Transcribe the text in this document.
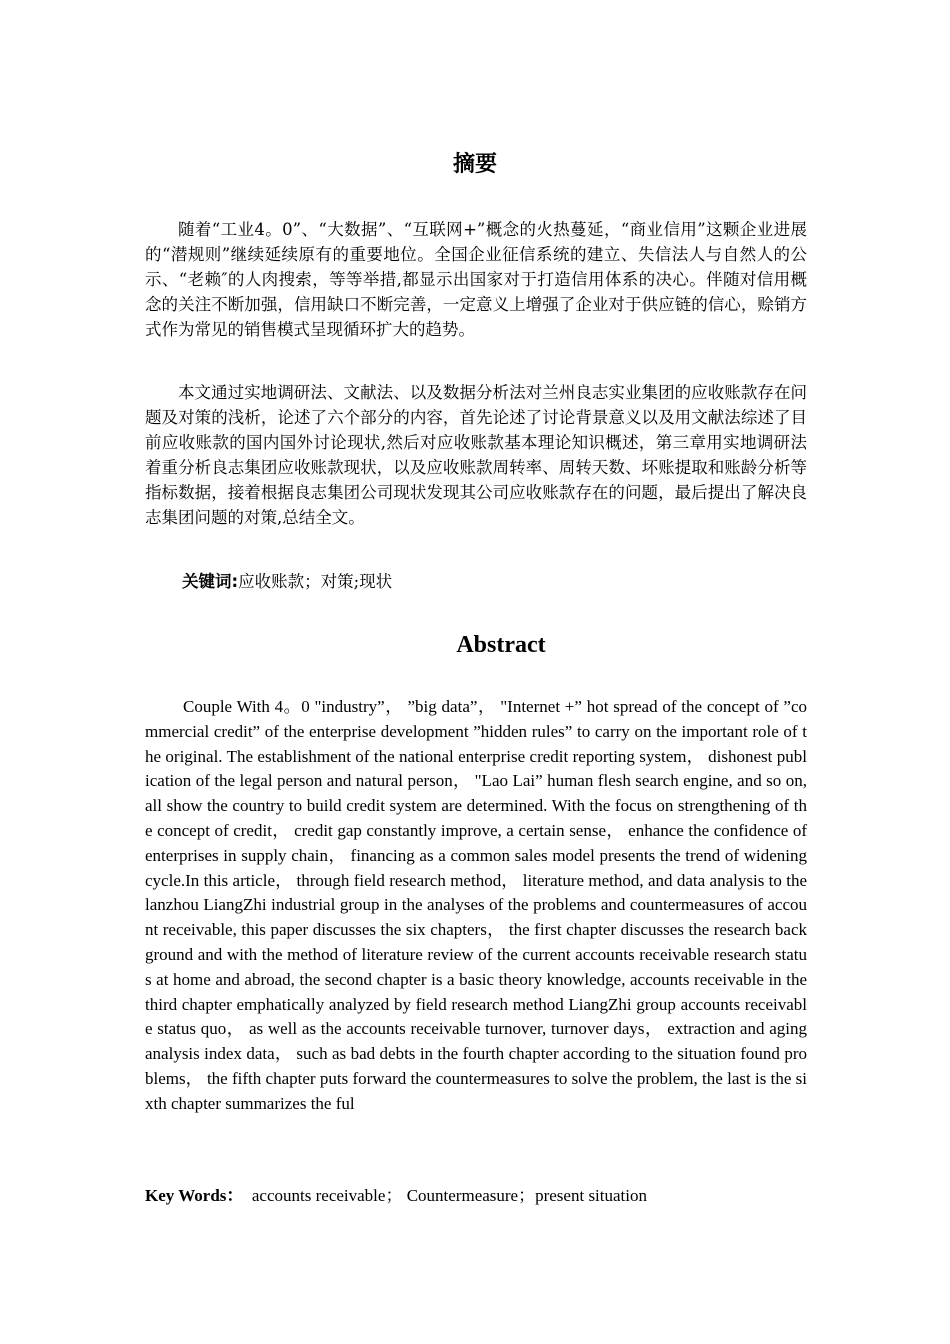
摘要

随着“工业4。0”、“大数据”、“互联网+”概念的火热蔓延，“商业信用”这颗企业进展的“潜规则”继续延续原有的重要地位。全国企业征信系统的建立、失信法人与自然人的公示、“老赖″的人肉搜索，等等举措,都显示出国家对于打造信用体系的决心。伴随对信用概念的关注不断加强，信用缺口不断完善，一定意义上增强了企业对于供应链的信心，赊销方式作为常见的销售模式呈现循环扩大的趋势。

本文通过实地调研法、文献法、以及数据分析法对兰州良志实业集团的应收账款存在问题及对策的浅析，论述了六个部分的内容，首先论述了讨论背景意义以及用文献法综述了目前应收账款的国内国外讨论现状,然后对应收账款基本理论知识概述，第三章用实地调研法着重分析良志集团应收账款现状，以及应收账款周转率、周转天数、坏账提取和账龄分析等指标数据，接着根据良志集团公司现状发现其公司应收账款存在的问题，最后提出了解决良志集团问题的对策,总结全文。

关键词:应收账款；对策;现状
Abstract

Couple With 4。0 "industry”， ”big data”， "Internet +” hot spread of the concept of ”commercial credit” of the enterprise development ”hidden rules” to carry on the important role of the original. The establishment of the national enterprise credit reporting system， dishonest publication of the legal person and natural person， "Lao Lai” human flesh search engine, and so on, all show the country to build credit system are determined. With the focus on strengthening of the concept of credit， credit gap constantly improve, a certain sense， enhance the confidence of enterprises in supply chain， financing as a common sales model presents the trend of widening cycle.In this article， through field research method， literature method, and data analysis to the lanzhou LiangZhi industrial group in the analyses of the problems and countermeasures of account receivable, this paper discusses the six chapters， the first chapter discusses the research background and with the method of literature review of the current accounts receivable research status at home and abroad, the second chapter is a basic theory knowledge, accounts receivable in the third chapter emphatically analyzed by field research method LiangZhi group accounts receivable status quo， as well as the accounts receivable turnover, turnover days， extraction and aging analysis index data， such as bad debts in the fourth chapter according to the situation found problems， the fifth chapter puts forward the countermeasures to solve the problem, the last is the sixth chapter summarizes the ful

Key Words： accounts receivable； Countermeasure；present situation
